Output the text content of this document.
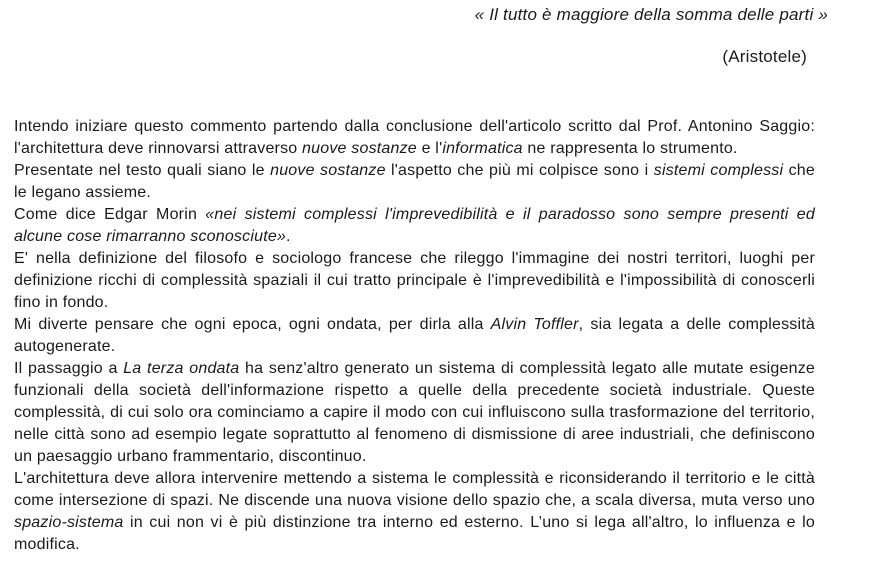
« Il tutto è maggiore della somma delle parti »
(Aristotele)

Intendo iniziare questo commento partendo dalla conclusione dell'articolo scritto dal Prof. Antonino Saggio: l'architettura deve rinnovarsi attraverso nuove sostanze e l'informatica ne rappresenta lo strumento.

Presentate nel testo quali siano le nuove sostanze l'aspetto che più mi colpisce sono i sistemi complessi che le legano assieme.

Come dice Edgar Morin «nei sistemi complessi l'imprevedibilità e il paradosso sono sempre presenti ed alcune cose rimarranno sconosciute».

E' nella definizione del filosofo e sociologo francese che rileggo l'immagine dei nostri territori, luoghi per definizione ricchi di complessità spaziali il cui tratto principale è l'imprevedibilità e l'impossibilità di conoscerli fino in fondo.

Mi diverte pensare che ogni epoca, ogni ondata, per dirla alla Alvin Toffler, sia legata a delle complessità autogenerate.

Il passaggio a La terza ondata ha senz'altro generato un sistema di complessità legato alle mutate esigenze funzionali della società dell'informazione rispetto a quelle della precedente società industriale. Queste complessità, di cui solo ora cominciamo a capire il modo con cui influiscono sulla trasformazione del territorio, nelle città sono ad esempio legate soprattutto al fenomeno di dismissione di aree industriali, che definiscono un paesaggio urbano frammentario, discontinuo.

L'architettura deve allora intervenire mettendo a sistema le complessità e riconsiderando il territorio e le città come intersezione di spazi. Ne discende una nuova visione dello spazio che, a scala diversa, muta verso uno spazio-sistema in cui non vi è più distinzione tra interno ed esterno. L’uno si lega all'altro, lo influenza e lo modifica.
